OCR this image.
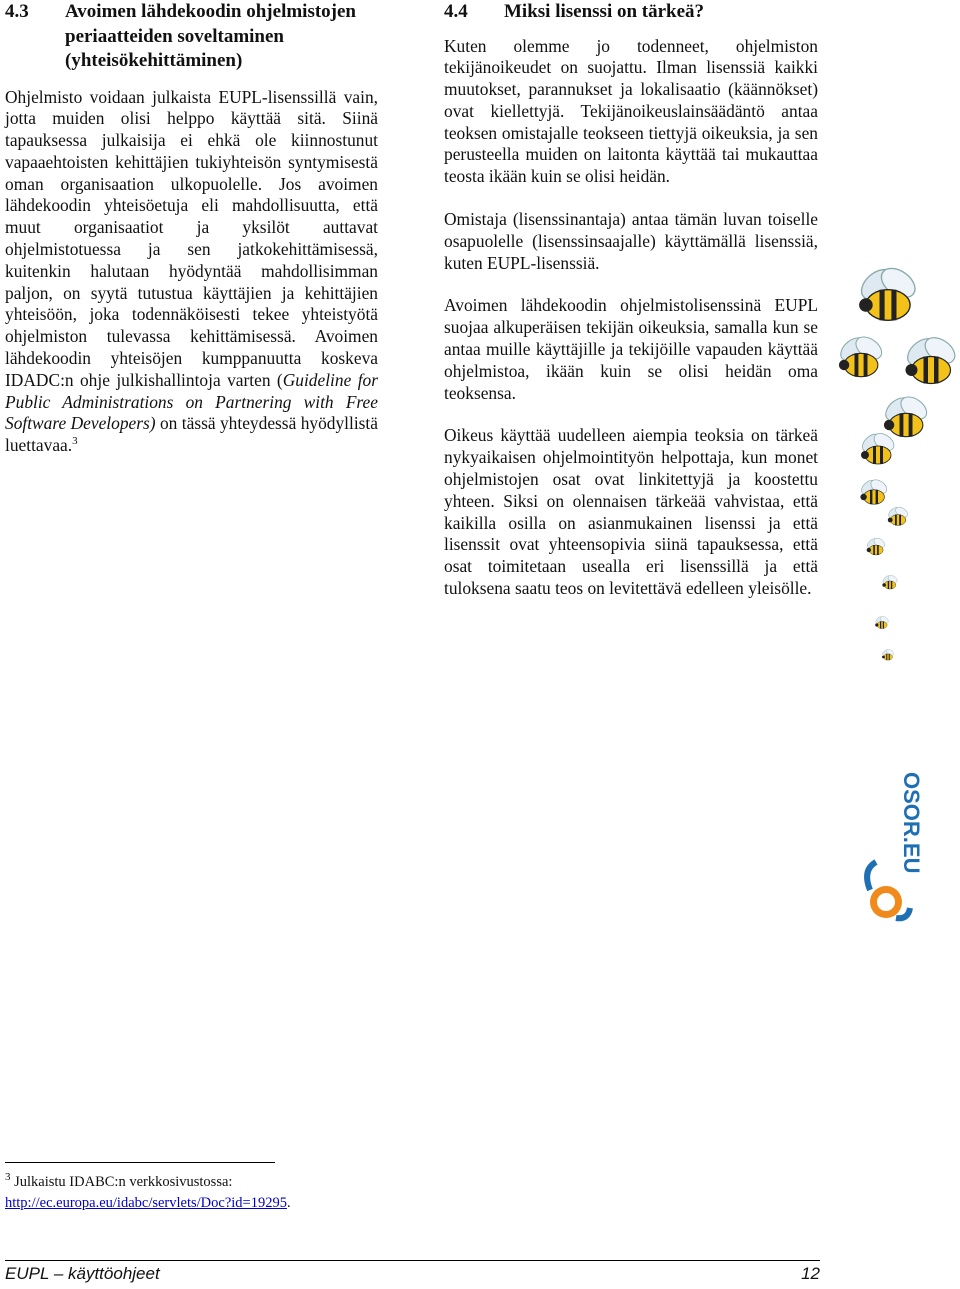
4.3	Avoimen lähdekoodin ohjelmistojen periaatteiden soveltaminen (yhteisökehittäminen)

Ohjelmisto voidaan julkaista EUPL-lisenssillä vain, jotta muiden olisi helppo käyttää sitä. Siinä tapauksessa julkaisija ei ehkä ole kiinnostunut vapaaehtoisten kehittäjien tukiyhteisön syntymisestä oman organisaation ulkopuolelle. Jos avoimen lähdekoodin yhteisöetuja eli mahdollisuutta, että muut organisaatiot ja yksilöt auttavat ohjelmistotuessa ja sen jatkokehittämisessä, kuitenkin halutaan hyödyntää mahdollisimman paljon, on syytä tutustua käyttäjien ja kehittäjien yhteisöön, joka todennäköisesti tekee yhteistyötä ohjelmiston tulevassa kehittämisessä. Avoimen lähdekoodin yhteisöjen kumppanuutta koskeva IDADC:n ohje julkishallintoja varten (Guideline for Public Administrations on Partnering with Free Software Developers) on tässä yhteydessä hyödyllistä luettavaa.$^3$

4.4	Miksi lisenssi on tärkeä?

Kuten olemme jo todenneet, ohjelmiston tekijänoikeudet on suojattu. Ilman lisenssiä kaikki muutokset, parannukset ja lokalisaatio (käännökset) ovat kiellettyjä. Tekijänoikeuslainsäädäntö antaa teoksen omistajalle teokseen tiettyjä oikeuksia, ja sen perusteella muiden on laitonta käyttää tai mukauttaa teosta ikään kuin se olisi heidän.

Omistaja (lisenssinantaja) antaa tämän luvan toiselle osapuolelle (lisenssinsaajalle) käyttämällä lisenssiä, kuten EUPL-lisenssiä.

Avoimen lähdekoodin ohjelmistolisenssinä EUPL suojaa alkuperäisen tekijän oikeuksia, samalla kun se antaa muille käyttäjille ja tekijöille vapauden käyttää ohjelmistoa, ikään kuin se olisi heidän oma teoksensa.

Oikeus käyttää uudelleen aiempia teoksia on tärkeä nykyaikaisen ohjelmointityön helpottaja, kun monet ohjelmistojen osat ovat linkitettyjä ja koostettu yhteen. Siksi on olennaisen tärkeää vahvistaa, että kaikilla osilla on asianmukainen lisenssi ja että lisenssit ovat yhteensopivia siinä tapauksessa, että osat toimitetaan usealla eri lisenssillä ja että tuloksena saatu teos on levitettävä edelleen yleisölle.

OSOR.EU
$^3$ Julkaistu IDABC:n verkkosivustossa:
http://ec.europa.eu/idabc/servlets/Doc?id=19295.
EUPL – käyttöohjeet	12
